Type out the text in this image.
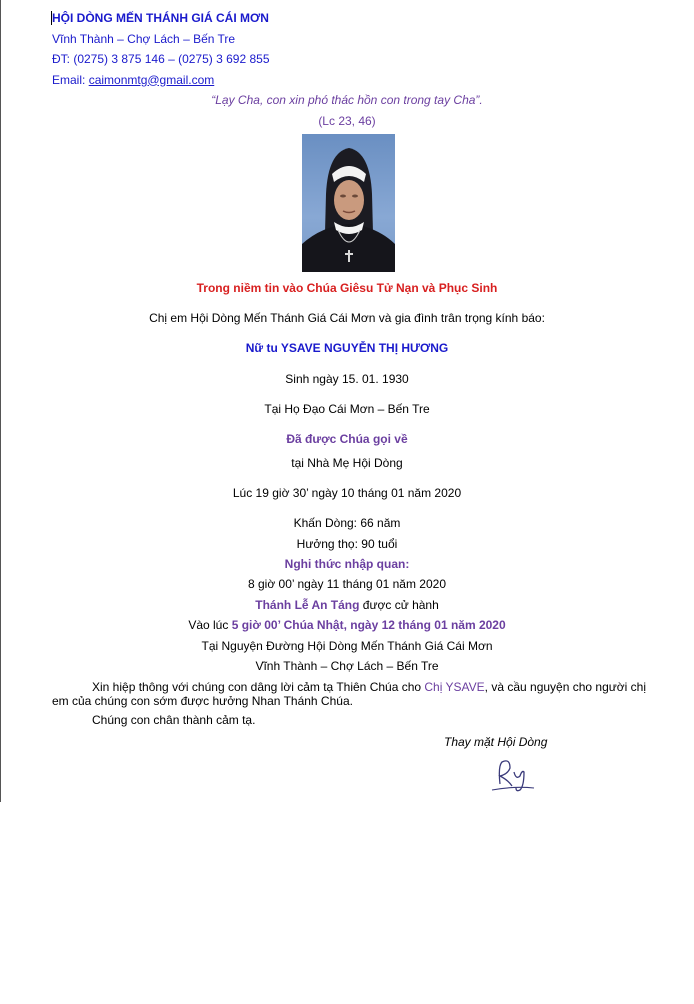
HỘI DÒNG MẾN THÁNH GIÁ CÁI MƠN
Vĩnh Thành – Chợ Lách – Bến Tre
ĐT: (0275) 3 875 146 – (0275) 3 692 855
Email: caimonmtg@gmail.com
“Lạy Cha, con xin phó thác hồn con trong tay Cha”.
(Lc 23, 46)
Trong niềm tin vào Chúa Giêsu Tử Nạn và Phục Sinh
Chị em Hội Dòng Mến Thánh Giá Cái Mơn và gia đình trân trọng kính báo:
Nữ tu YSAVE NGUYỄN THỊ HƯƠNG
Sinh ngày 15. 01. 1930
Tại Họ Đạo Cái Mơn – Bến Tre
Đã được Chúa gọi về
tại Nhà Mẹ Hội Dòng
Lúc 19 giờ 30’ ngày 10 tháng 01 năm 2020
Khấn Dòng: 66 năm
Hưởng thọ: 90 tuổi
Nghi thức nhập quan:
8 giờ 00’ ngày 11 tháng 01 năm 2020
Thánh Lễ An Táng được cử hành
Vào lúc 5 giờ 00’ Chúa Nhật, ngày 12 tháng 01 năm 2020
Tại Nguyện Đường Hội Dòng Mến Thánh Giá Cái Mơn
Vĩnh Thành – Chợ Lách – Bến Tre
Xin hiệp thông với chúng con dâng lời cảm tạ Thiên Chúa cho Chị YSAVE, và cầu nguyện cho người chị em của chúng con sớm được hưởng Nhan Thánh Chúa.
Chúng con chân thành cảm tạ.
Thay mặt Hội Dòng
